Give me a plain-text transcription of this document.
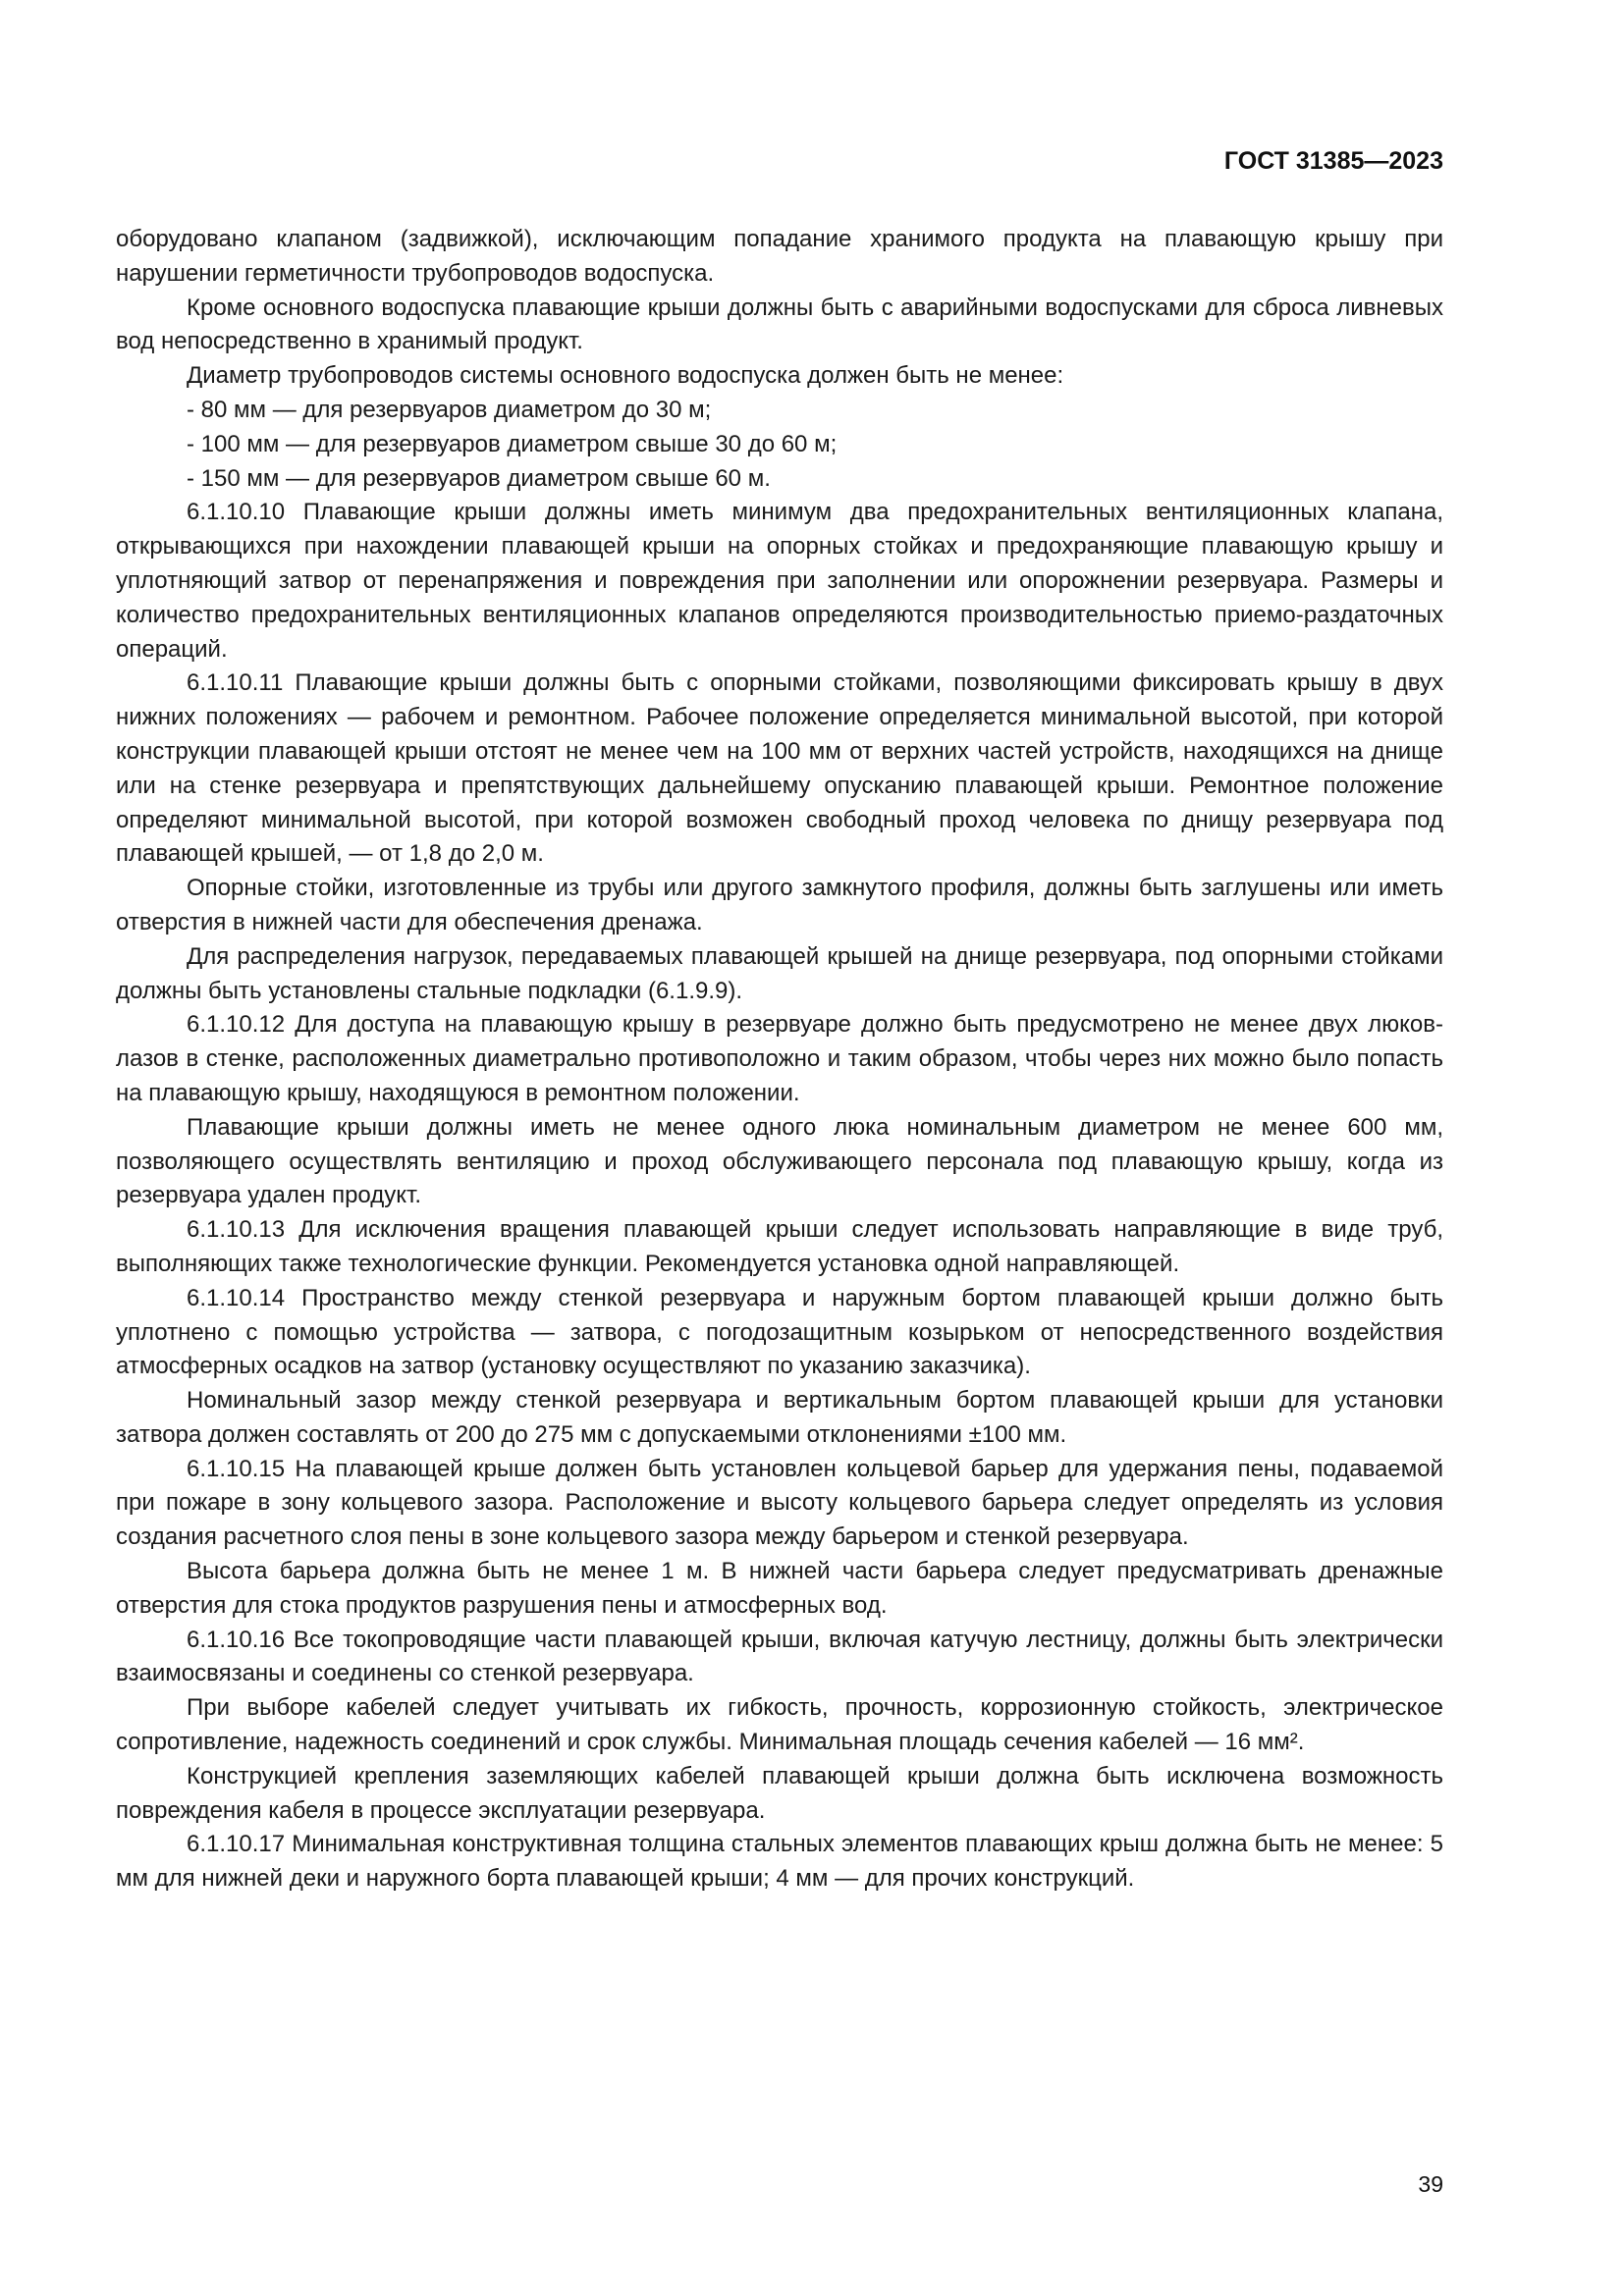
ГОСТ 31385—2023

оборудовано клапаном (задвижкой), исключающим попадание хранимого продукта на плавающую крышу при нарушении герметичности трубопроводов водоспуска.

Кроме основного водоспуска плавающие крыши должны быть с аварийными водоспусками для сброса ливневых вод непосредственно в хранимый продукт.

Диаметр трубопроводов системы основного водоспуска должен быть не менее:

- 80 мм — для резервуаров диаметром до 30 м;

- 100 мм — для резервуаров диаметром свыше 30 до 60 м;

- 150 мм — для резервуаров диаметром свыше 60 м.

6.1.10.10 Плавающие крыши должны иметь минимум два предохранительных вентиляционных клапана, открывающихся при нахождении плавающей крыши на опорных стойках и предохраняющие плавающую крышу и уплотняющий затвор от перенапряжения и повреждения при заполнении или опорожнении резервуара. Размеры и количество предохранительных вентиляционных клапанов определяются производительностью приемо-раздаточных операций.

6.1.10.11 Плавающие крыши должны быть с опорными стойками, позволяющими фиксировать крышу в двух нижних положениях — рабочем и ремонтном. Рабочее положение определяется минимальной высотой, при которой конструкции плавающей крыши отстоят не менее чем на 100 мм от верхних частей устройств, находящихся на днище или на стенке резервуара и препятствующих дальнейшему опусканию плавающей крыши. Ремонтное положение определяют минимальной высотой, при которой возможен свободный проход человека по днищу резервуара под плавающей крышей, — от 1,8 до 2,0 м.

Опорные стойки, изготовленные из трубы или другого замкнутого профиля, должны быть заглушены или иметь отверстия в нижней части для обеспечения дренажа.

Для распределения нагрузок, передаваемых плавающей крышей на днище резервуара, под опорными стойками должны быть установлены стальные подкладки (6.1.9.9).

6.1.10.12 Для доступа на плавающую крышу в резервуаре должно быть предусмотрено не менее двух люков-лазов в стенке, расположенных диаметрально противоположно и таким образом, чтобы через них можно было попасть на плавающую крышу, находящуюся в ремонтном положении.

Плавающие крыши должны иметь не менее одного люка номинальным диаметром не менее 600 мм, позволяющего осуществлять вентиляцию и проход обслуживающего персонала под плавающую крышу, когда из резервуара удален продукт.

6.1.10.13 Для исключения вращения плавающей крыши следует использовать направляющие в виде труб, выполняющих также технологические функции. Рекомендуется установка одной направляющей.

6.1.10.14 Пространство между стенкой резервуара и наружным бортом плавающей крыши должно быть уплотнено с помощью устройства — затвора, с погодозащитным козырьком от непосредственного воздействия атмосферных осадков на затвор (установку осуществляют по указанию заказчика).

Номинальный зазор между стенкой резервуара и вертикальным бортом плавающей крыши для установки затвора должен составлять от 200 до 275 мм с допускаемыми отклонениями ±100 мм.

6.1.10.15 На плавающей крыше должен быть установлен кольцевой барьер для удержания пены, подаваемой при пожаре в зону кольцевого зазора. Расположение и высоту кольцевого барьера следует определять из условия создания расчетного слоя пены в зоне кольцевого зазора между барьером и стенкой резервуара.

Высота барьера должна быть не менее 1 м. В нижней части барьера следует предусматривать дренажные отверстия для стока продуктов разрушения пены и атмосферных вод.

6.1.10.16 Все токопроводящие части плавающей крыши, включая катучую лестницу, должны быть электрически взаимосвязаны и соединены со стенкой резервуара.

При выборе кабелей следует учитывать их гибкость, прочность, коррозионную стойкость, электрическое сопротивление, надежность соединений и срок службы. Минимальная площадь сечения кабелей — 16 мм².

Конструкцией крепления заземляющих кабелей плавающей крыши должна быть исключена возможность повреждения кабеля в процессе эксплуатации резервуара.

6.1.10.17 Минимальная конструктивная толщина стальных элементов плавающих крыш должна быть не менее: 5 мм для нижней деки и наружного борта плавающей крыши; 4 мм — для прочих конструкций.

39
